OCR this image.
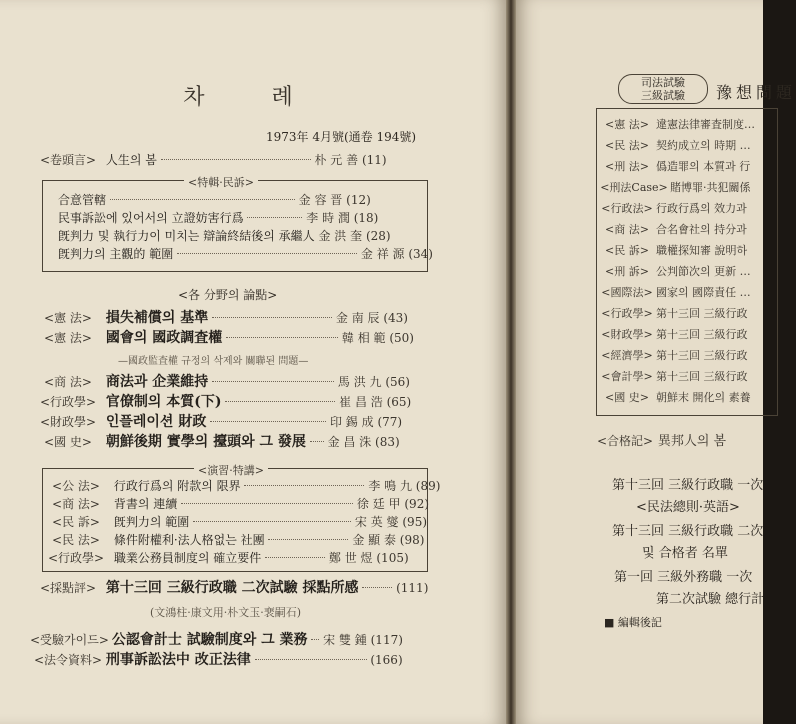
차 례
1973年 4月號(通卷 194號)
<卷頭言> 人生의 봄	朴 元 善 (11)
<特輯·民訴>
合意管轄	金 容 晋 (12)
民事訴訟에 있어서의 立證妨害行爲	李 時 潤 (18)
旣判力 및 執行力이 미치는 辯論終結後의 承繼人 金 洪 奎 (28)
旣判力의 主觀的 範圍	金 祥 源 (34)
<各 分野의 論點>
<憲 法> 損失補償의 基準	金 南 辰 (43)
<憲 法> 國會의 國政調査權	韓 相 範 (50)
—國政監査權 규정의 삭제와 關聯된 問題—
<商 法> 商法과 企業維持	馬 洪 九 (56)
<行政學> 官僚制의 本質(下)	崔 昌 浩 (65)
<財政學> 인플레이션 財政	印 錫 成 (77)
<國 史> 朝鮮後期 實學의 擡頭와 그 發展 金 昌 洙 (83)
<演習·特講>
<公 法> 行政行爲의 附款의 限界	李 鳴 九 (89)
<商 法> 背書의 連續	徐 廷 甲 (92)
<民 訴> 旣判力의 範圍	宋 英 燮 (95)
<民 法> 條件附權利·法人格없는 社團	金 顯 泰 (98)
<行政學> 職業公務員制度의 確立要件	鄭 世 煜 (105)
<採點評> 第十三回 三級行政職 二次試驗 採點所感	(111)
(文鴻柱·康文用·朴文玉·裵嗣石)
<受驗가이드> 公認會計士 試驗制度와 그 業務 宋 雙 鍾 (117)
<法令資料> 刑事訴訟法中 改正法律	(166)
司法試驗
三級試驗	豫想問題
<憲 法> 違憲法律審査制度…
<民 法> 契約成立의 時期 …
<刑 法> 僞造罪의 本質과 行
<刑法Case> 賭博罪·共犯關係
<行政法> 行政行爲의 效力과
<商 法> 合名會社의 持分과
<民 訴> 職權探知審 說明하
<刑 訴> 公判節次의 更新 …
<國際法> 國家의 國際責任 …
<行政學> 第十三回 三級行政
<財政學> 第十三回 三級行政
<經濟學> 第十三回 三級行政
<會計學> 第十三回 三級行政
<國 史> 朝鮮末 開化의 素養
<合格記> 異邦人의 봄
第十三回 三級行政職 一次
<民法總則·英語>
第十三回 三級行政職 二次
및 合格者 名單
第一回 三級外務職 一次
第二次試驗 總行計
■ 編輯後記
